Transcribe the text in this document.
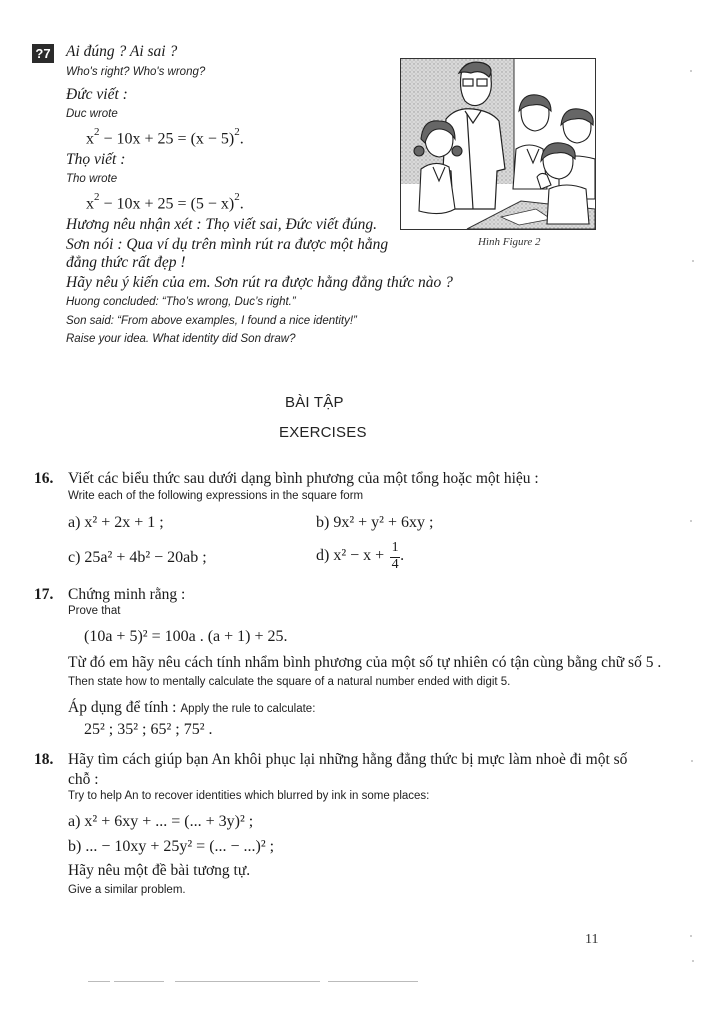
?7 Ai đúng ? Ai sai ?
Who's right? Who's wrong?
Đức viết :
Duc wrote
$x^2 - 10x + 25 = (x - 5)^2$.
Thọ viết :
Tho wrote
$x^2 - 10x + 25 = (5 - x)^2$.
Hương nêu nhận xét : Thọ viết sai, Đức viết đúng.
Sơn nói : Qua ví dụ trên mình rút ra được một hằng
đẳng thức rất đẹp !
Hãy nêu ý kiến của em. Sơn rút ra được hằng đẳng thức nào ?
Huong concluded: “Tho’s wrong, Duc’s right.”
Son said: “From above examples, I found a nice identity!”
Raise your idea. What identity did Son draw?
Hình Figure 2
BÀI TẬP
EXERCISES
16. Viết các biểu thức sau dưới dạng bình phương của một tổng hoặc một hiệu :
Write each of the following expressions in the square form
a) x² + 2x + 1 ;	b) 9x² + y² + 6xy ;
c) 25a² + 4b² − 20ab ;	d) $x^2 - x + \frac{1}{4}$ .
17. Chứng minh rằng :
Prove that
(10a + 5)² = 100a . (a + 1) + 25.
Từ đó em hãy nêu cách tính nhẩm bình phương của một số tự nhiên có tận cùng bằng chữ số 5 .
Then state how to mentally calculate the square of a natural number ended with digit 5.
Áp dụng để tính : Apply the rule to calculate:
25² ; 35² ; 65² ; 75² .
18. Hãy tìm cách giúp bạn An khôi phục lại những hằng đẳng thức bị mực làm nhoè đi một số
chỗ :
Try to help An to recover identities which blurred by ink in some places:
a) x² + 6xy + ... = (... + 3y)² ;
b) ... − 10xy + 25y² = (... − ...)² ;
Hãy nêu một đề bài tương tự.
Give a similar problem.
11
